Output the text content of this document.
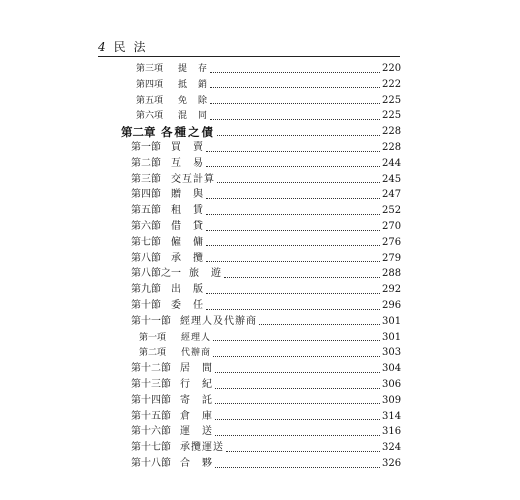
4 民 法
第三項	提　存	220
第四項	抵　銷	222
第五項	免　除	225
第六項	混　同	225
第二章 各種之債	228
第一節	買　賣	228
第二節	互　易	244
第三節	交互計算	245
第四節	贈　與	247
第五節	租　賃	252
第六節	借　貸	270
第七節	僱　傭	276
第八節	承　攬	279
第八節之一 旅　遊	288
第九節	出　版	292
第十節	委　任	296
第十一節 經理人及代辦商	301
第一項	經理人	301
第二項	代辦商	303
第十二節 居　間	304
第十三節 行　紀	306
第十四節 寄　託	309
第十五節 倉　庫	314
第十六節 運　送	316
第十七節 承攬運送	324
第十八節 合　夥	326
